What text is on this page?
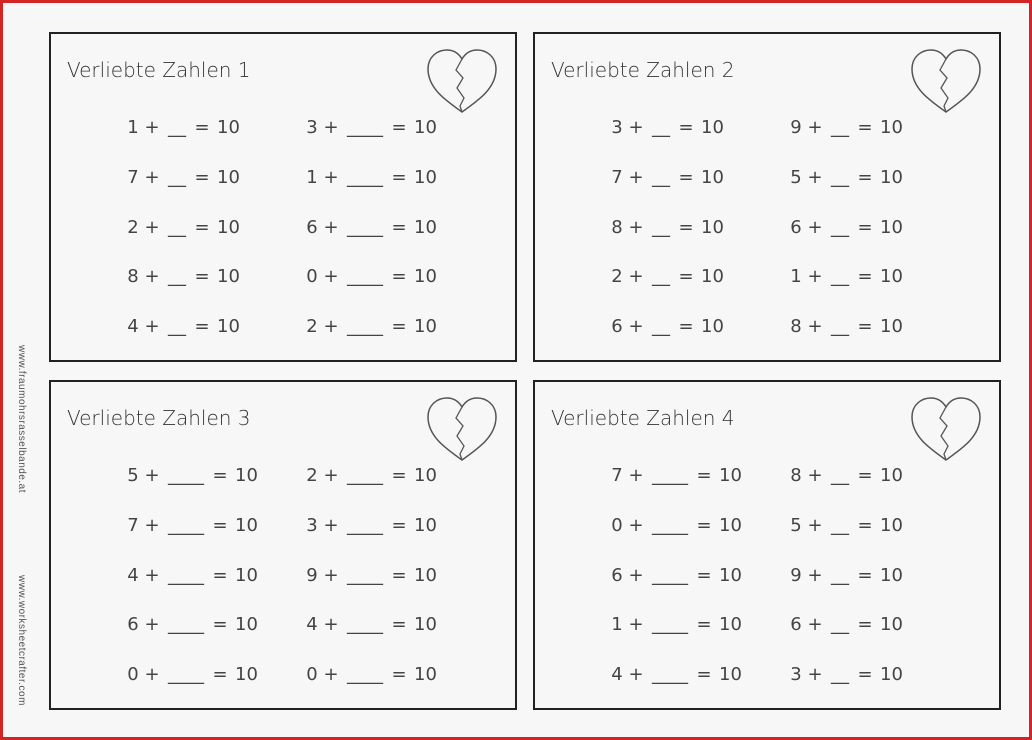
www.fraumohrsrasselbande.at
www.worksheetcrafter.com
Verliebte Zahlen 1
1 + __ = 10
7 + __ = 10
2 + __ = 10
8 + __ = 10
4 + __ = 10
3 + ____ = 10
1 + ____ = 10
6 + ____ = 10
0 + ____ = 10
2 + ____ = 10
Verliebte Zahlen 2
3 + __ = 10
7 + __ = 10
8 + __ = 10
2 + __ = 10
6 + __ = 10
9 + __ = 10
5 + __ = 10
6 + __ = 10
1 + __ = 10
8 + __ = 10
Verliebte Zahlen 3
5 + ____ = 10
7 + ____ = 10
4 + ____ = 10
6 + ____ = 10
0 + ____ = 10
2 + ____ = 10
3 + ____ = 10
9 + ____ = 10
4 + ____ = 10
0 + ____ = 10
Verliebte Zahlen 4
7 + ____ = 10
0 + ____ = 10
6 + ____ = 10
1 + ____ = 10
4 + ____ = 10
8 + __ = 10
5 + __ = 10
9 + __ = 10
6 + __ = 10
3 + __ = 10
